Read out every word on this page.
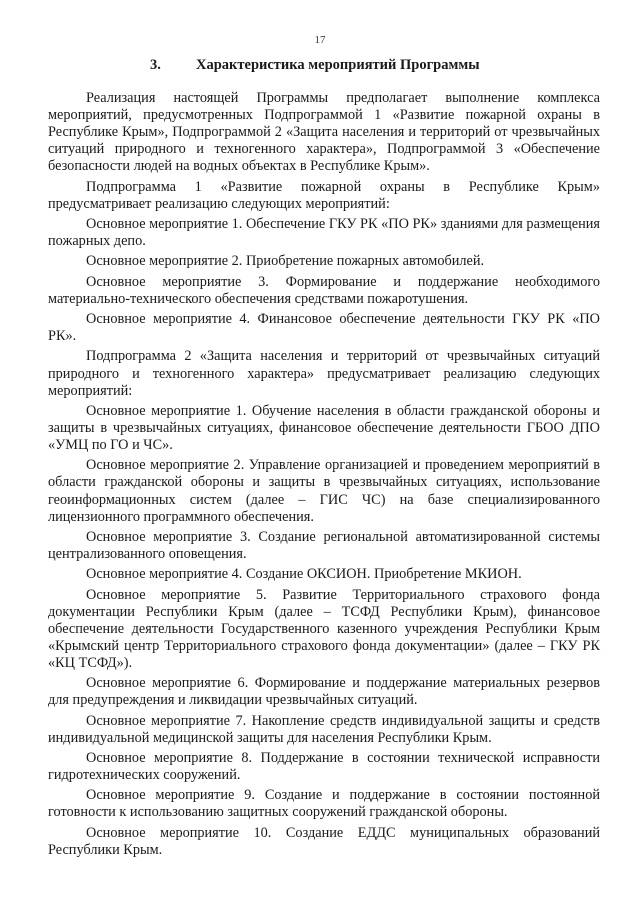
17
3. Характеристика мероприятий Программы

Реализация настоящей Программы предполагает выполнение комплекса мероприятий, предусмотренных Подпрограммой 1 «Развитие пожарной охраны в Республике Крым», Подпрограммой 2 «Защита населения и территорий от чрезвычайных ситуаций природного и техногенного характера», Подпрограммой 3 «Обеспечение безопасности людей на водных объектах в Республике Крым».

Подпрограмма 1 «Развитие пожарной охраны в Республике Крым» предусматривает реализацию следующих мероприятий:

Основное мероприятие 1. Обеспечение ГКУ РК «ПО РК» зданиями для размещения пожарных депо.

Основное мероприятие 2. Приобретение пожарных автомобилей.

Основное мероприятие 3. Формирование и поддержание необходимого материально-технического обеспечения средствами пожаротушения.

Основное мероприятие 4. Финансовое обеспечение деятельности ГКУ РК «ПО РК».

Подпрограмма 2 «Защита населения и территорий от чрезвычайных ситуаций природного и техногенного характера» предусматривает реализацию следующих мероприятий:

Основное мероприятие 1. Обучение населения в области гражданской обороны и защиты в чрезвычайных ситуациях, финансовое обеспечение деятельности ГБОО ДПО «УМЦ по ГО и ЧС».

Основное мероприятие 2. Управление организацией и проведением мероприятий в области гражданской обороны и защиты в чрезвычайных ситуациях, использование геоинформационных систем (далее – ГИС ЧС) на базе специализированного лицензионного программного обеспечения.

Основное мероприятие 3. Создание региональной автоматизированной системы централизованного оповещения.

Основное мероприятие 4. Создание ОКСИОН. Приобретение МКИОН.

Основное мероприятие 5. Развитие Территориального страхового фонда документации Республики Крым (далее – ТСФД Республики Крым), финансовое обеспечение деятельности Государственного казенного учреждения Республики Крым «Крымский центр Территориального страхового фонда документации» (далее – ГКУ РК «КЦ ТСФД»).

Основное мероприятие 6. Формирование и поддержание материальных резервов для предупреждения и ликвидации чрезвычайных ситуаций.

Основное мероприятие 7. Накопление средств индивидуальной защиты и средств индивидуальной медицинской защиты для населения Республики Крым.

Основное мероприятие 8. Поддержание в состоянии технической исправности гидротехнических сооружений.

Основное мероприятие 9. Создание и поддержание в состоянии постоянной готовности к использованию защитных сооружений гражданской обороны.

Основное мероприятие 10. Создание ЕДДС муниципальных образований Республики Крым.
